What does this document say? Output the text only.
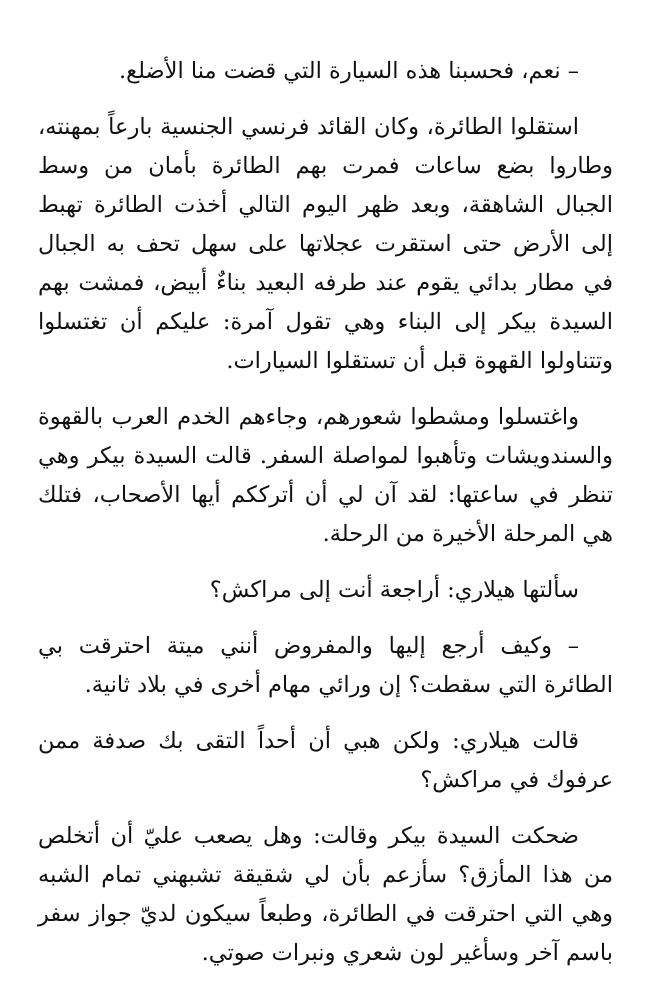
– نعم، فحسبنا هذه السيارة التي قضت منا الأضلع.

استقلوا الطائرة، وكان القائد فرنسي الجنسية بارعاً بمهنته، وطاروا بضع ساعات فمرت بهم الطائرة بأمان من وسط الجبال الشاهقة، وبعد ظهر اليوم التالي أخذت الطائرة تهبط إلى الأرض حتى استقرت عجلاتها على سهل تحف به الجبال في مطار بدائي يقوم عند طرفه البعيد بناءٌ أبيض، فمشت بهم السيدة بيكر إلى البناء وهي تقول آمرة: عليكم أن تغتسلوا وتتناولوا القهوة قبل أن تستقلوا السيارات.

واغتسلوا ومشطوا شعورهم، وجاءهم الخدم العرب بالقهوة والسندويشات وتأهبوا لمواصلة السفر. قالت السيدة بيكر وهي تنظر في ساعتها: لقد آن لي أن أترككم أيها الأصحاب، فتلك هي المرحلة الأخيرة من الرحلة.

سألتها هيلاري: أراجعة أنت إلى مراكش؟

– وكيف أرجع إليها والمفروض أنني ميتة احترقت بي الطائرة التي سقطت؟ إن ورائي مهام أخرى في بلاد ثانية.

قالت هيلاري: ولكن هبي أن أحداً التقى بك صدفة ممن عرفوك في مراكش؟

ضحكت السيدة بيكر وقالت: وهل يصعب عليّ أن أتخلص من هذا المأزق؟ سأزعم بأن لي شقيقة تشبهني تمام الشبه وهي التي احترقت في الطائرة، وطبعاً سيكون لديّ جواز سفر باسم آخر وسأغير لون شعري ونبرات صوتي.
